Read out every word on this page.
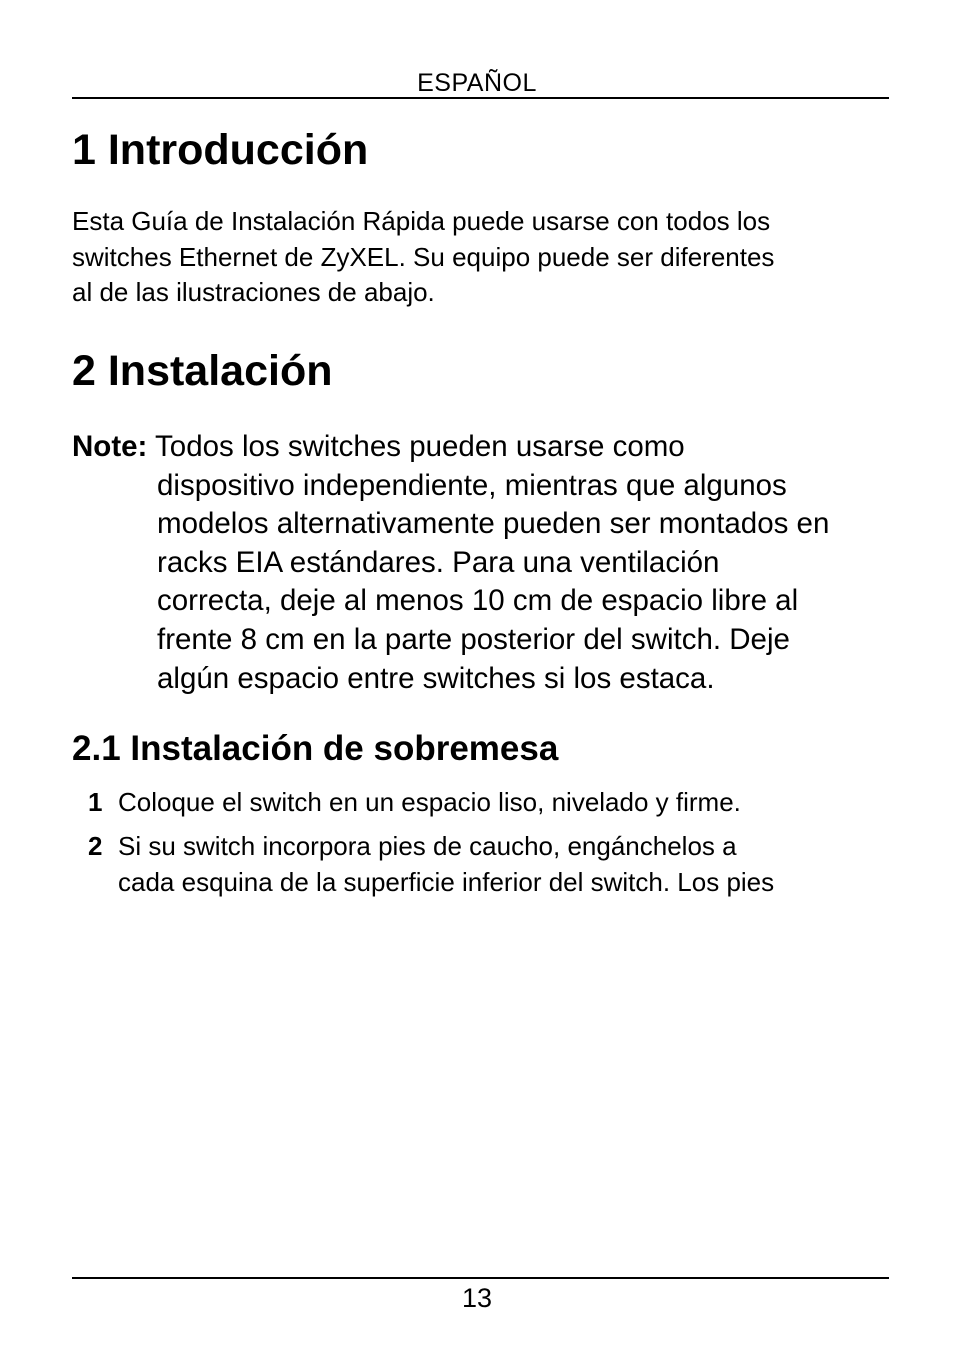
ESPAÑOL
1 Introducción

Esta Guía de Instalación Rápida puede usarse con todos los
switches Ethernet de ZyXEL. Su equipo puede ser diferentes
al de las ilustraciones de abajo.

2 Instalación

Note: Todos los switches pueden usarse como
dispositivo independiente, mientras que algunos
modelos alternativamente pueden ser montados en
racks EIA estándares. Para una ventilación
correcta, deje al menos 10 cm de espacio libre al
frente 8 cm en la parte posterior del switch. Deje
algún espacio entre switches si los estaca.

2.1 Instalación de sobremesa
1 Coloque el switch en un espacio liso, nivelado y firme.
2 Si su switch incorpora pies de caucho, engánchelos a
cada esquina de la superficie inferior del switch. Los pies
13
